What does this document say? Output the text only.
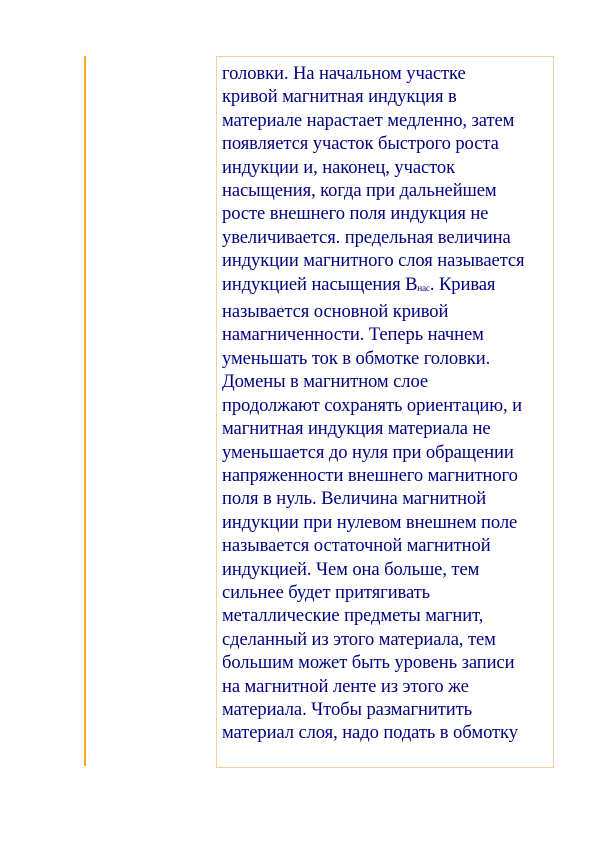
головки. На начальном участке
кривой магнитная индукция в
материале нарастает медленно, затем
появляется участок быстрого роста
индукции и, наконец, участок
насыщения, когда при дальнейшем
росте внешнего поля индукция не
увеличивается. предельная величина
индукции магнитного слоя называется
индукцией насыщения Bнас. Кривая
называется основной кривой
намагниченности. Теперь начнем
уменьшать ток в обмотке головки.
Домены в магнитном слое
продолжают сохранять ориентацию, и
магнитная индукция материала не
уменьшается до нуля при обращении
напряженности внешнего магнитного
поля в нуль. Величина магнитной
индукции при нулевом внешнем поле
называется остаточной магнитной
индукцией. Чем она больше, тем
сильнее будет притягивать
металлические предметы магнит,
сделанный из этого материала, тем
большим может быть уровень записи
на магнитной ленте из этого же
материала. Чтобы размагнитить
материал слоя, надо подать в обмотку
